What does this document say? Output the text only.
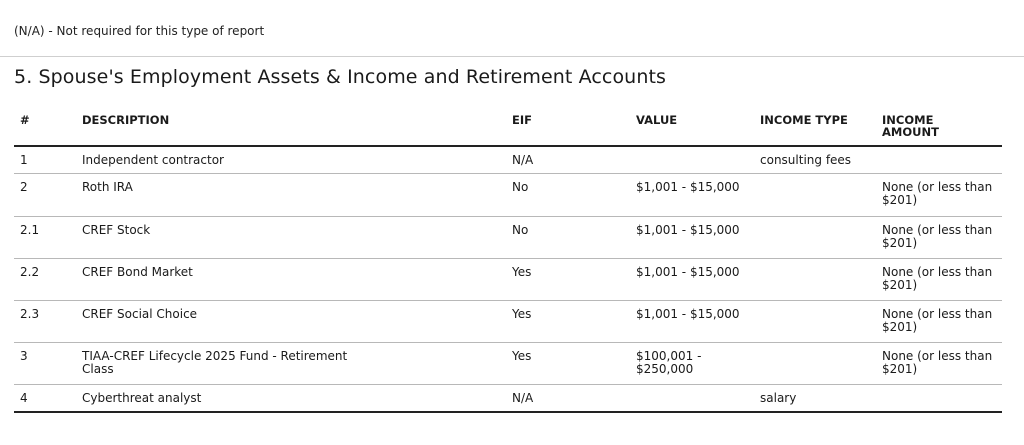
(N/A) - Not required for this type of report
5. Spouse's Employment Assets & Income and Retirement Accounts
#	DESCRIPTION	EIF	VALUE	INCOME TYPE	INCOME
AMOUNT
1	Independent contractor	N/A		consulting fees	
2	Roth IRA	No	$1,001 - $15,000		None (or less than $201)
2.1	CREF Stock	No	$1,001 - $15,000		None (or less than $201)
2.2	CREF Bond Market	Yes	$1,001 - $15,000		None (or less than $201)
2.3	CREF Social Choice	Yes	$1,001 - $15,000		None (or less than $201)
3	TIAA-CREF Lifecycle 2025 Fund - Retirement Class	Yes	$100,001 - $250,000		None (or less than $201)
4	Cyberthreat analyst	N/A		salary	
